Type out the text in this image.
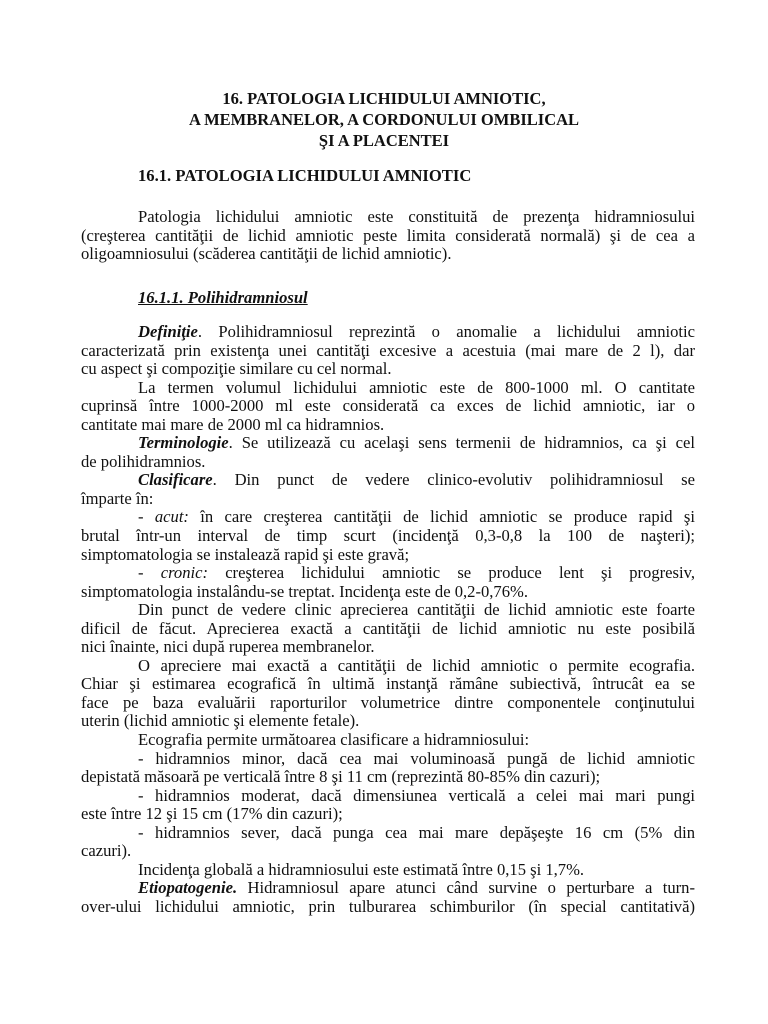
16. PATOLOGIA LICHIDULUI AMNIOTIC,
A MEMBRANELOR, A CORDONULUI OMBILICAL
ŞI A PLACENTEI
16.1. PATOLOGIA LICHIDULUI AMNIOTIC
Patologia lichidului amniotic este constituită de prezenţa hidramniosului
(creşterea cantităţii de lichid amniotic peste limita considerată normală) şi de cea a
oligoamniosului (scăderea cantităţii de lichid amniotic).
16.1.1. Polihidramniosul
Definiţie. Polihidramniosul reprezintă o anomalie a lichidului amniotic
caracterizată prin existenţa unei cantităţi excesive a acestuia (mai mare de 2 l), dar
cu aspect şi compoziţie similare cu cel normal.
La termen volumul lichidului amniotic este de 800-1000 ml. O cantitate
cuprinsă între 1000-2000 ml este considerată ca exces de lichid amniotic, iar o
cantitate mai mare de 2000 ml ca hidramnios.
Terminologie. Se utilizează cu acelaşi sens termenii de hidramnios, ca şi cel
de polihidramnios.
Clasificare. Din punct de vedere clinico-evolutiv polihidramniosul se
împarte în:
- acut: în care creşterea cantităţii de lichid amniotic se produce rapid şi
brutal într-un interval de timp scurt (incidenţă 0,3-0,8 la 100 de naşteri);
simptomatologia se instalează rapid şi este gravă;
- cronic: creşterea lichidului amniotic se produce lent şi progresiv,
simptomatologia instalându-se treptat. Incidenţa este de 0,2-0,76%.
Din punct de vedere clinic aprecierea cantităţii de lichid amniotic este foarte
dificil de făcut. Aprecierea exactă a cantităţii de lichid amniotic nu este posibilă
nici înainte, nici după ruperea membranelor.
O apreciere mai exactă a cantităţii de lichid amniotic o permite ecografia.
Chiar şi estimarea ecografică în ultimă instanţă rămâne subiectivă, întrucât ea se
face pe baza evaluării raporturilor volumetrice dintre componentele conţinutului
uterin (lichid amniotic şi elemente fetale).
Ecografia permite următoarea clasificare a hidramniosului:
- hidramnios minor, dacă cea mai voluminoasă pungă de lichid amniotic
depistată măsoară pe verticală între 8 şi 11 cm (reprezintă 80-85% din cazuri);
- hidramnios moderat, dacă dimensiunea verticală a celei mai mari pungi
este între 12 şi 15 cm (17% din cazuri);
- hidramnios sever, dacă punga cea mai mare depăşeşte 16 cm (5% din
cazuri).
Incidenţa globală a hidramniosului este estimată între 0,15 şi 1,7%.
Etiopatogenie. Hidramniosul apare atunci când survine o perturbare a turn-
over-ului lichidului amniotic, prin tulburarea schimburilor (în special cantitativă)
